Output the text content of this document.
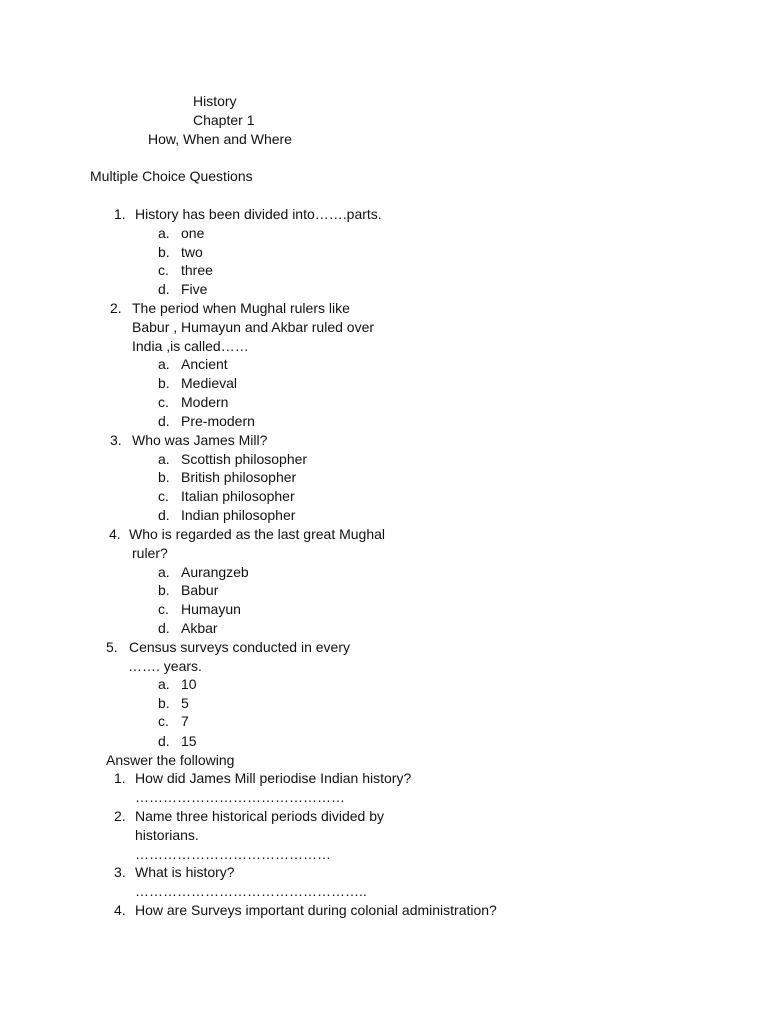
History
Chapter 1
How, When and Where
Multiple Choice Questions
1. History has been divided into…….parts.
a. one
b. two
c. three
d. Five
2. The period when Mughal rulers like
Babur , Humayun and Akbar ruled over
India ,is called……
a. Ancient
b. Medieval
c. Modern
d. Pre-modern
3. Who was James Mill?
a. Scottish philosopher
b. British philosopher
c. Italian philosopher
d. Indian philosopher
4. Who is regarded as the last great Mughal
ruler?
a. Aurangzeb
b. Babur
c. Humayun
d. Akbar
5. Census surveys conducted in every
……. years.
a. 10
b. 5
c. 7
d. 15
Answer the following
1. How did James Mill periodise Indian history?
………………………………………
2. Name three historical periods divided by
historians.
……………………………………
3. What is history?
…………………………………………..
4. How are Surveys important during colonial administration?
